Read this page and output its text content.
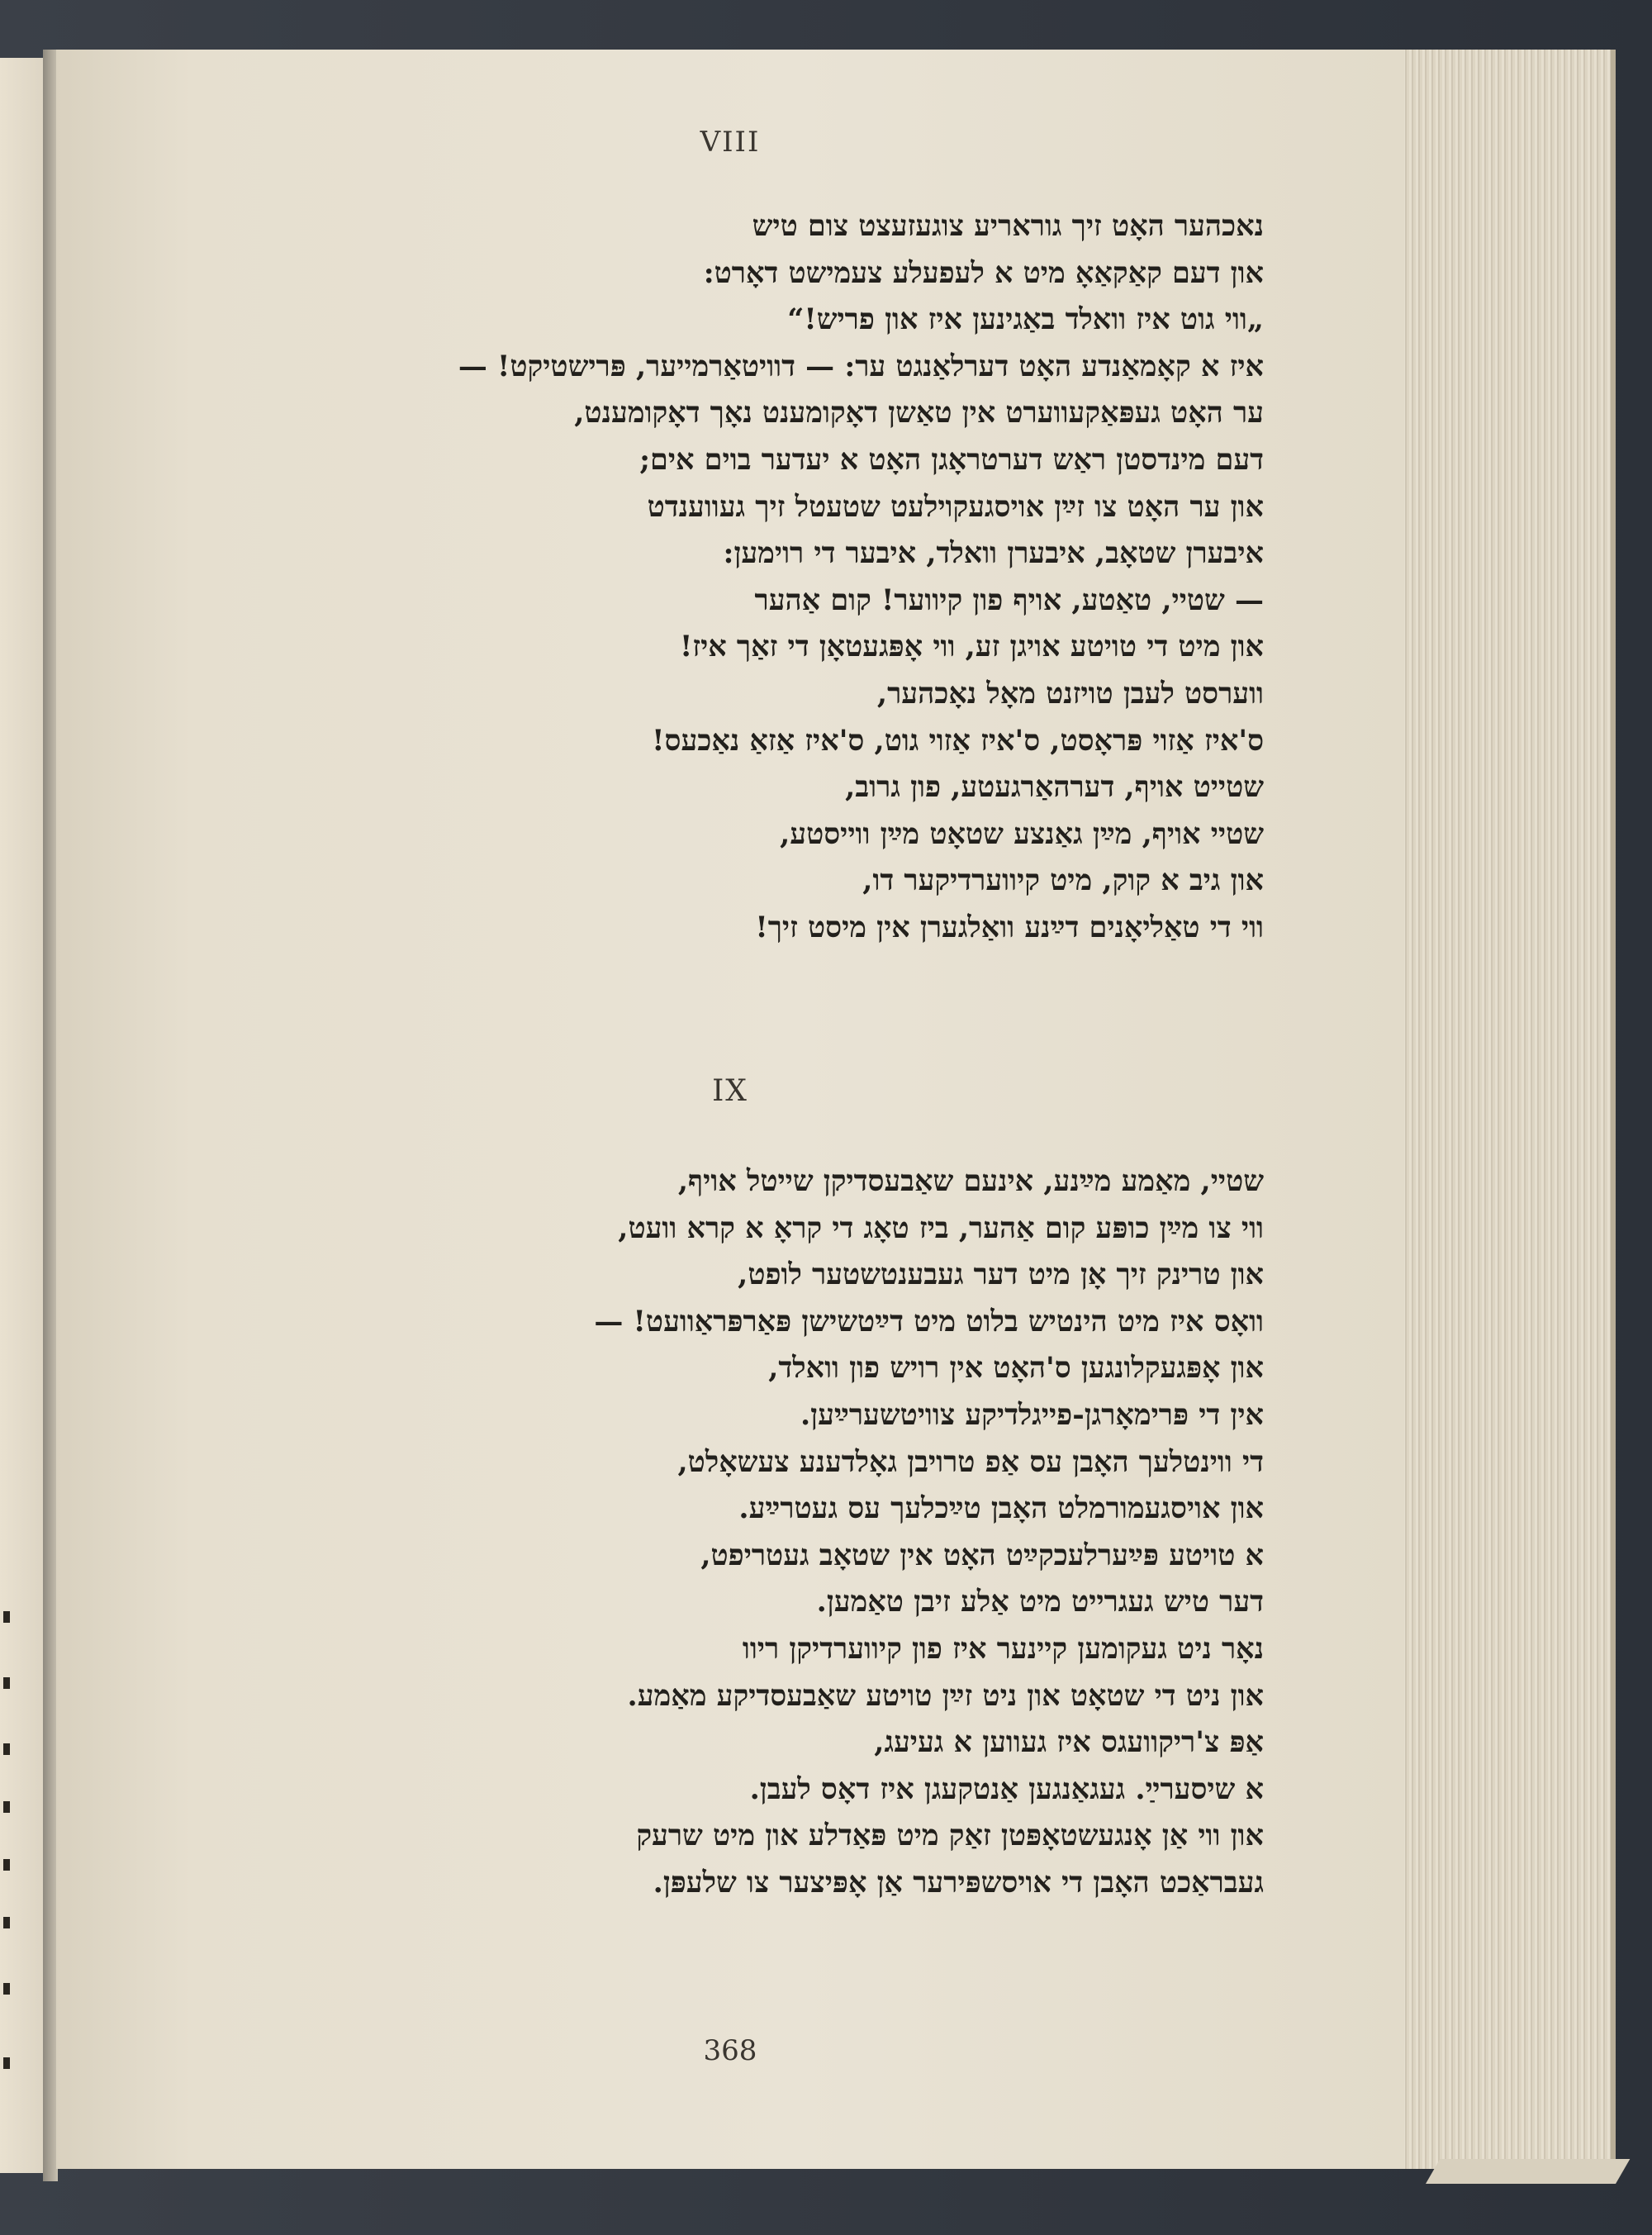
VIII
נאכהער האָט זיך גוראריע צוגעזעצט צום טיש
און דעם קאַקאַאָ מיט א לעפעלע צעמישט דאָרט:
„ווי גוט איז וואלד באַגינען איז און פריש!“
איז א קאָמאַנדע האָט דערלאַנגט ער: — דוויטאַרמייער, פּרישטיקט! —
ער האָט געפּאַקעווערט אין טאַשן דאָקומענט נאָך דאָקומענט,
דעם מינדסטן ראַש דערטראָגן האָט א יעדער בוים אים;
און ער האָט צו זײַן אויסגעקוילעט שטעטל זיך געווענדט
איבערן שטאָב, איבערן וואלד, איבער די רוימען:
— שטיי, טאַטע, אויף פון קיווער! קום אַהער
און מיט די טויטע אויגן זע, ווי אָפּגעטאָן די זאַך איז!
ווערסט לעבן טויזנט מאָל נאָכהער,
ס'איז אַזוי פּראָסט, ס'איז אַזוי גוט, ס'איז אַזאַ נאַכעס!
שטייט אויף, דערהאַרגעטע, פון גרוב,
שטיי אויף, מײַן גאַנצע שטאָט מײַן ווייסטע,
און גיב א קוק, מיט קיווערדיקער דו,
ווי די טאַליאָנים דײַנע וואַלגערן אין מיסט זיך!
IX
שטיי, מאַמע מײַנע, אינעם שאַבעסדיקן שייטל אויף,
ווי צו מײַן כופּע קום אַהער, ביז טאָג די קראָ א קרא וועט,
און טרינק זיך אָן מיט דער געבענטשטער לופט,
וואָס איז מיט הינטיש בלוט מיט דײַטשישן פּאַרפּראַוועט! —
און אָפּגעקלונגען ס'האָט אין רויש פון וואלד,
אין די פּרימאָרגן-פייגלדיקע צוויטשערײַען.
די ווינטלעך האָבן עס אַפ טרויבן גאָלדענע צעשאָלט,
און אויסגעמורמלט האָבן טײַכלעך עס געטרײַע.
א טויטע פּײַערלעכקײַט האָט אין שטאָב געטריפט,
דער טיש געגרייט מיט אַלע זיבן טאַמען.
נאָר ניט געקומען קיינער איז פון קיווערדיקן ריוו
און ניט די שטאָט און ניט זײַן טויטע שאַבעסדיקע מאַמע.
אַפּ צ'ריקוועגס איז געווען א געיעג,
א שיסערײַ. געגאַנגען אַנטקעגן איז דאָס לעבן.
און ווי אַן אָנגעשטאָפּטן זאַק מיט פּאַדלע און מיט שרעק
געבראַכט האָבן די אויסשפּירער אַן אָפּיצער צו שלעפּן.
368
